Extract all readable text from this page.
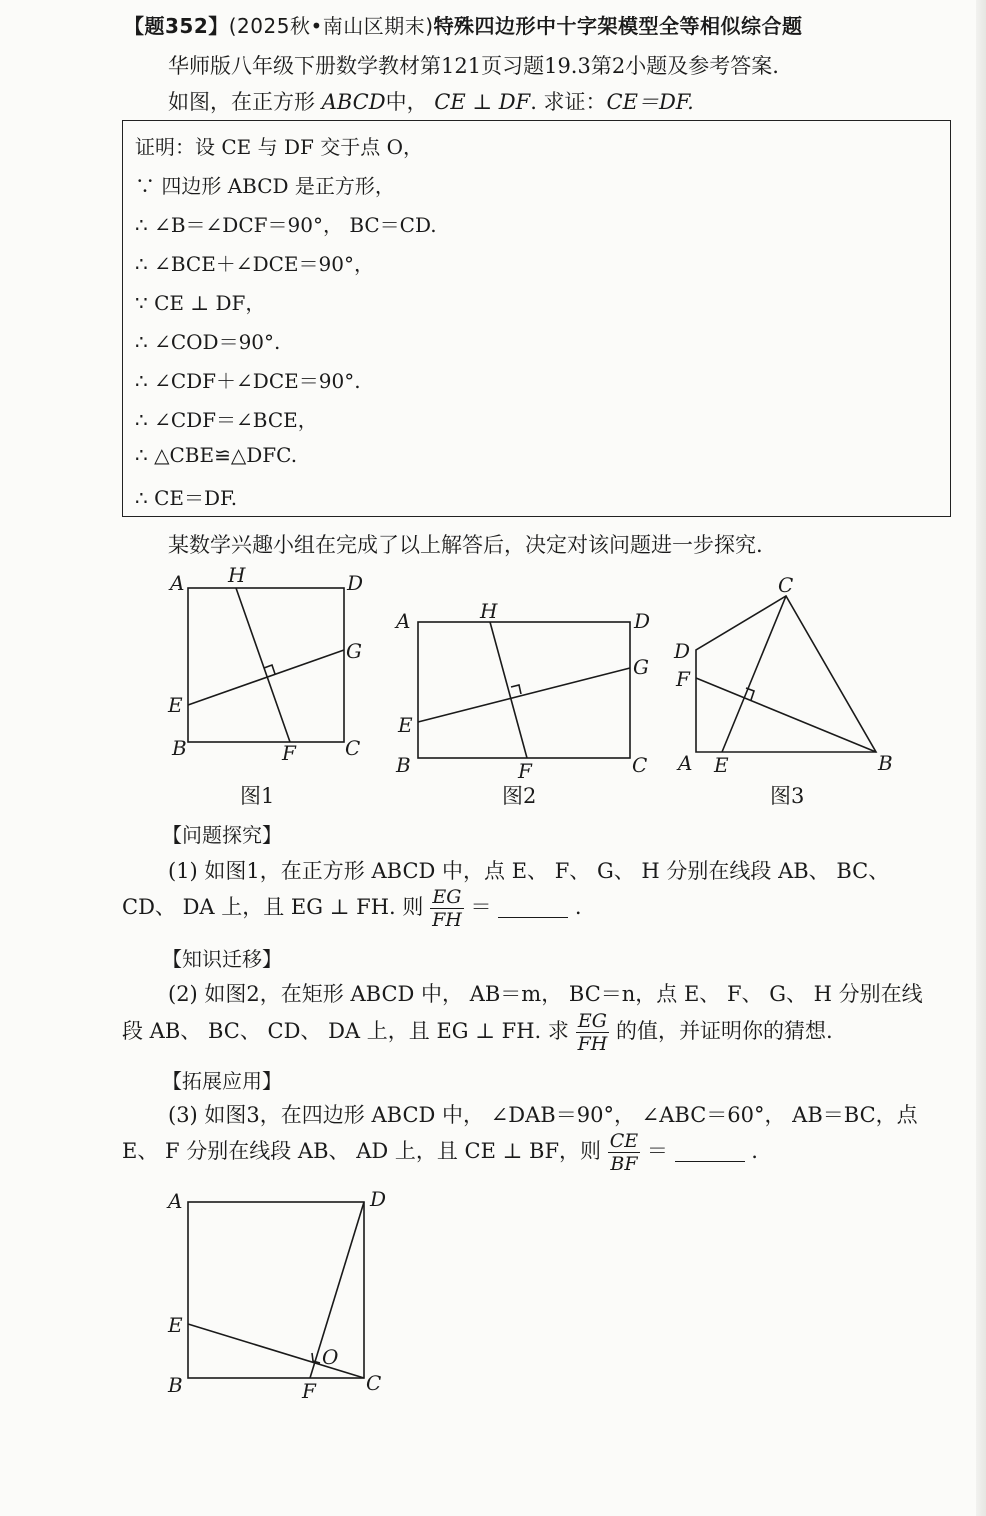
【题352】(2025秋•南山区期末)特殊四边形中十字架模型全等相似综合题
华师版八年级下册数学教材第121页习题19.3第2小题及参考答案.
如图，在正方形 ABCD中， CE ⊥ DF. 求证：CE＝DF.
证明：设 CE 与 DF 交于点 O，
∵ 四边形 ABCD 是正方形，
∴ ∠B＝∠DCF＝90°， BC＝CD.
∴ ∠BCE＋∠DCE＝90°，
∵ CE ⊥ DF，
∴ ∠COD＝90°.
∴ ∠CDF＋∠DCE＝90°.
∴ ∠CDF＝∠BCE，
∴ △CBE≌△DFC.
∴ CE＝DF.
某数学兴趣小组在完成了以上解答后，决定对该问题进一步探究.
A H	D
G
E
B	F C
图1
A	H	D
G
E
B	F	C
图2
C
D
F
A E	B
图3
【问题探究】
(1) 如图1，在正方形 ABCD 中，点 E、 F、 G、 H 分别在线段 AB、 BC、
CD、 DA 上，且 EG ⊥ FH. 则 $\frac{EG}{FH}$ ＝	.
【知识迁移】
(2) 如图2，在矩形 ABCD 中， AB＝m， BC＝n，点 E、 F、 G、 H 分别在线
段 AB、 BC、 CD、 DA 上，且 EG ⊥ FH. 求 $\frac{EG}{FH}$ 的值，并证明你的猜想.
【拓展应用】
(3) 如图3，在四边形 ABCD 中， ∠DAB＝90°， ∠ABC＝60°， AB＝BC，点
E、 F 分别在线段 AB、 AD 上，且 CE ⊥ BF，则 $\frac{CE}{BF}$ ＝	.
A	D
E
O
B	F	C
